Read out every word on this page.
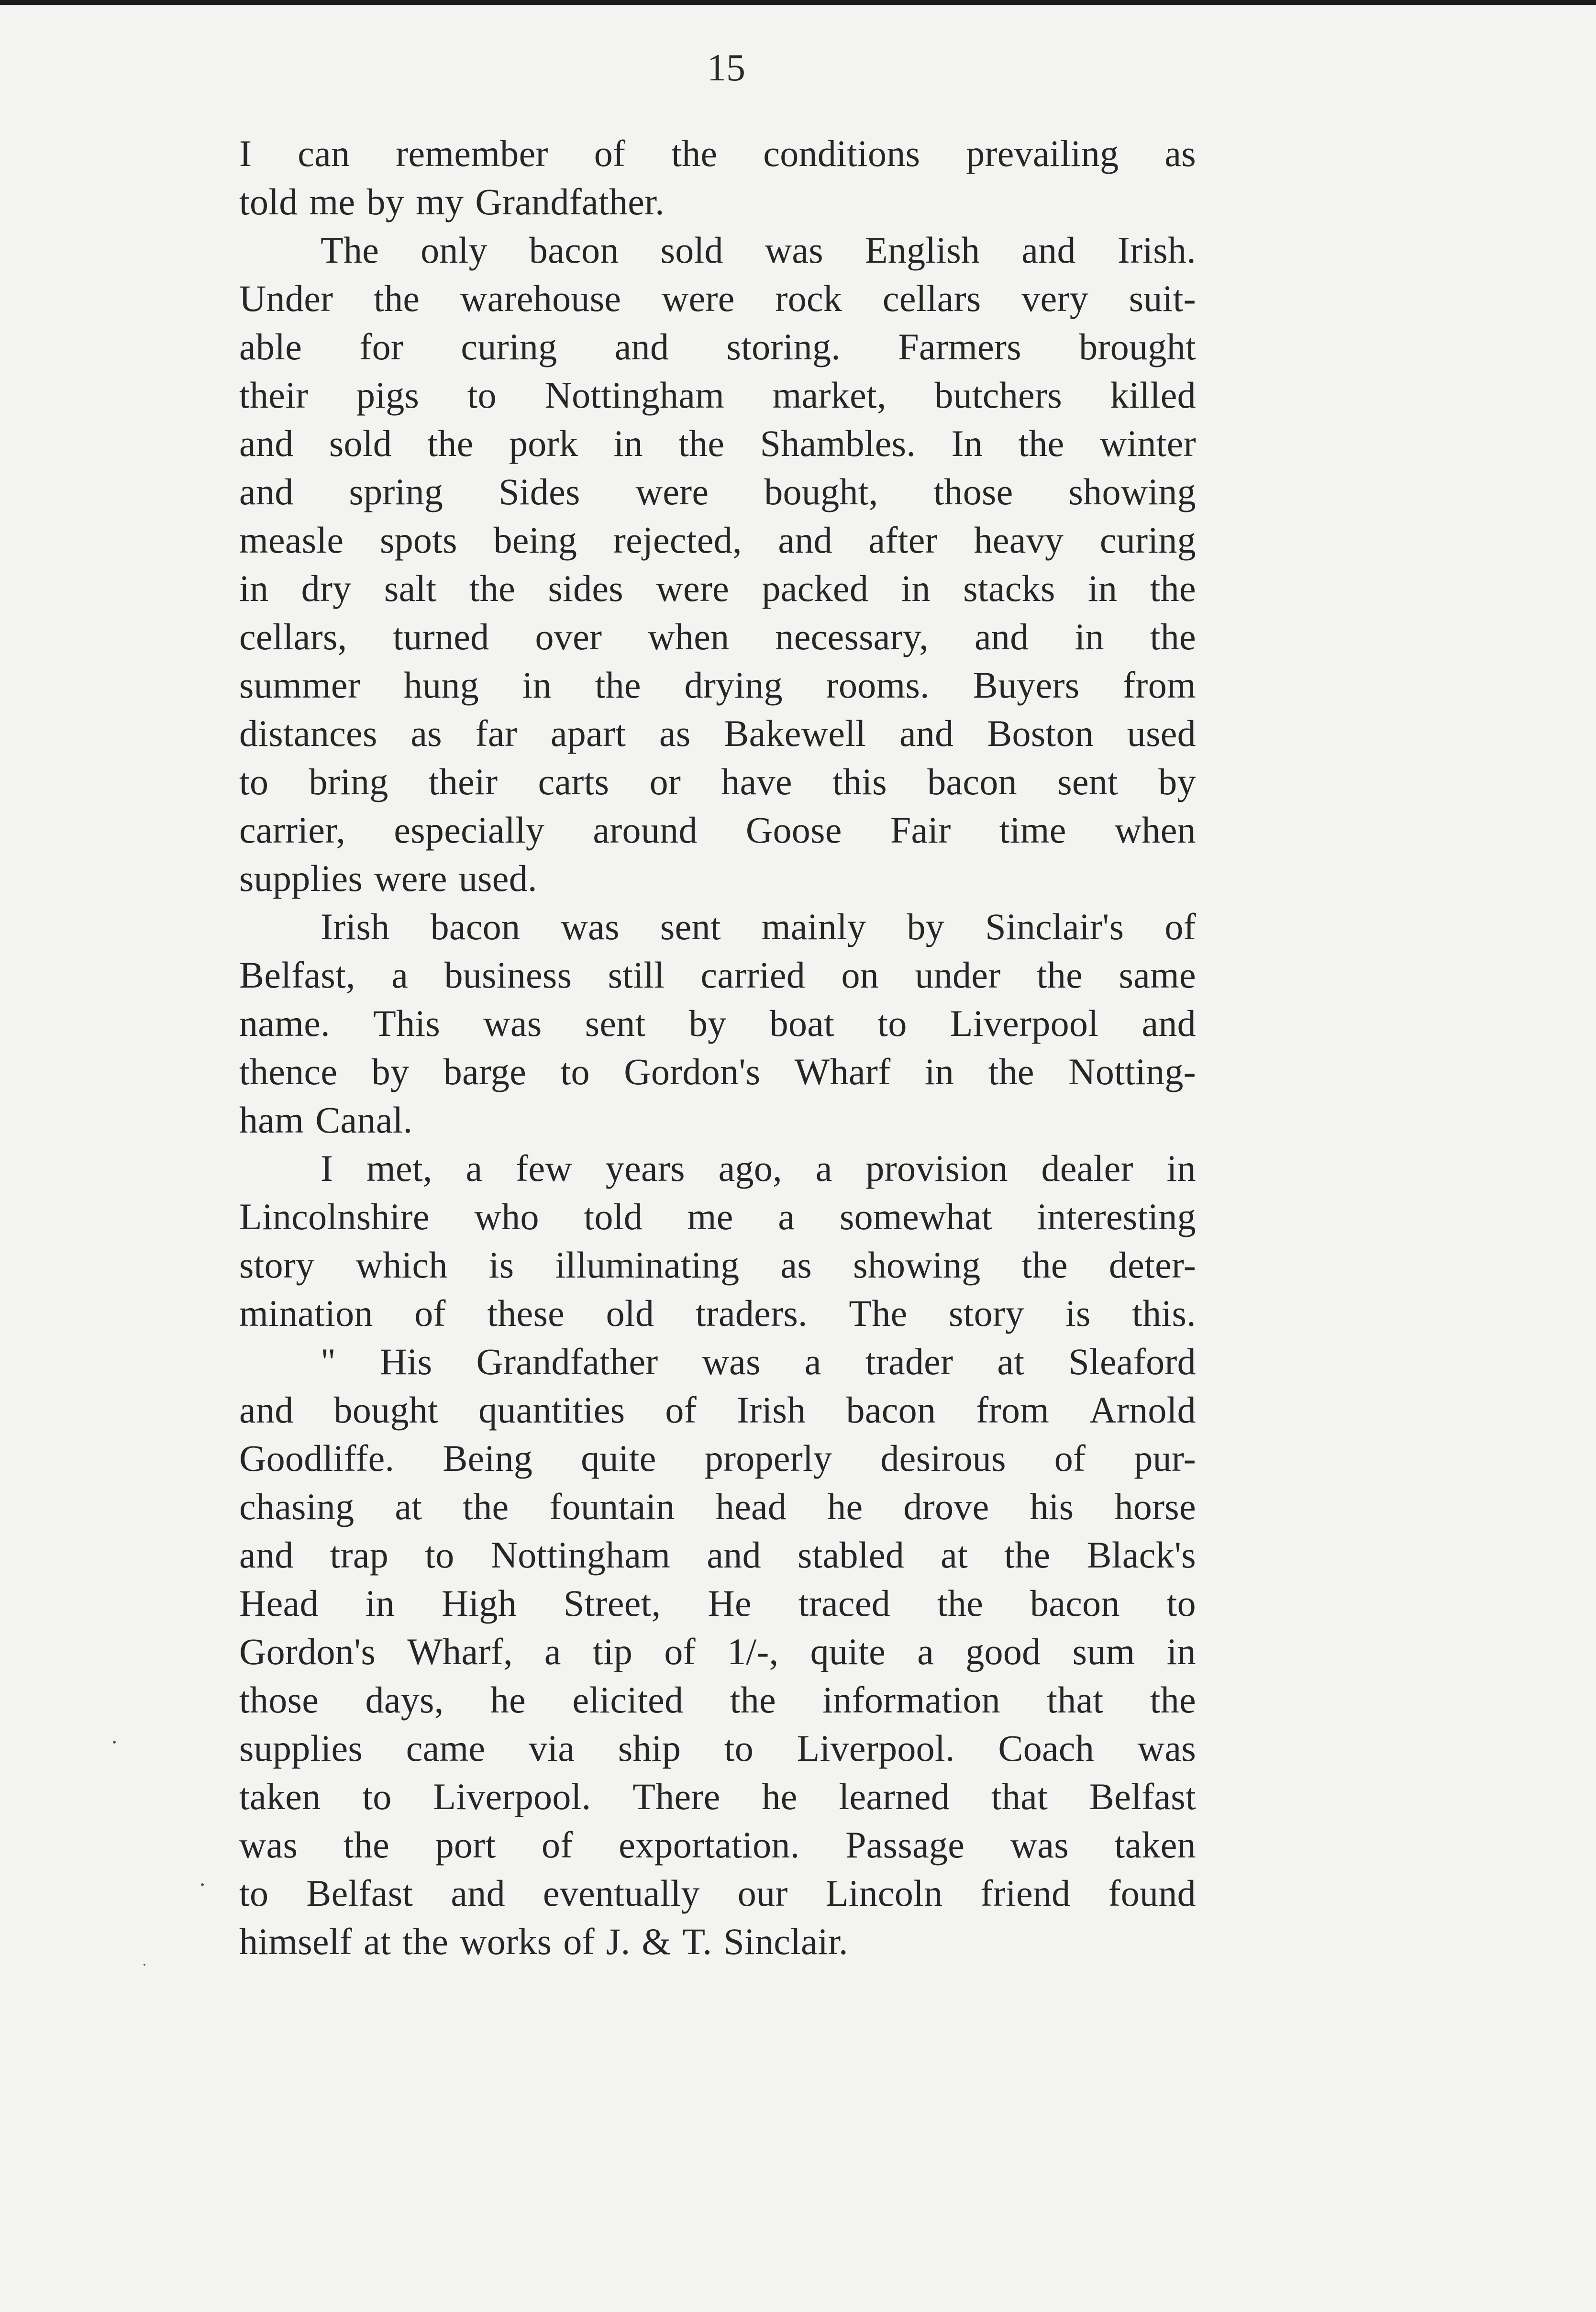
15
I can remember of the conditions prevailing as
told me by my Grandfather.
The only bacon sold was English and Irish.
Under the warehouse were rock cellars very suit-
able for curing and storing. Farmers brought
their pigs to Nottingham market, butchers killed
and sold the pork in the Shambles. In the winter
and spring Sides were bought, those showing
measle spots being rejected, and after heavy curing
in dry salt the sides were packed in stacks in the
cellars, turned over when necessary, and in the
summer hung in the drying rooms. Buyers from
distances as far apart as Bakewell and Boston used
to bring their carts or have this bacon sent by
carrier, especially around Goose Fair time when
supplies were used.
Irish bacon was sent mainly by Sinclair's of
Belfast, a business still carried on under the same
name. This was sent by boat to Liverpool and
thence by barge to Gordon's Wharf in the Notting-
ham Canal.
I met, a few years ago, a provision dealer in
Lincolnshire who told me a somewhat interesting
story which is illuminating as showing the deter-
mination of these old traders. The story is this.
" His Grandfather was a trader at Sleaford
and bought quantities of Irish bacon from Arnold
Goodliffe. Being quite properly desirous of pur-
chasing at the fountain head he drove his horse
and trap to Nottingham and stabled at the Black's
Head in High Street, He traced the bacon to
Gordon's Wharf, a tip of 1/-, quite a good sum in
those days, he elicited the information that the
supplies came via ship to Liverpool. Coach was
taken to Liverpool. There he learned that Belfast
was the port of exportation. Passage was taken
to Belfast and eventually our Lincoln friend found
himself at the works of J. & T. Sinclair.
